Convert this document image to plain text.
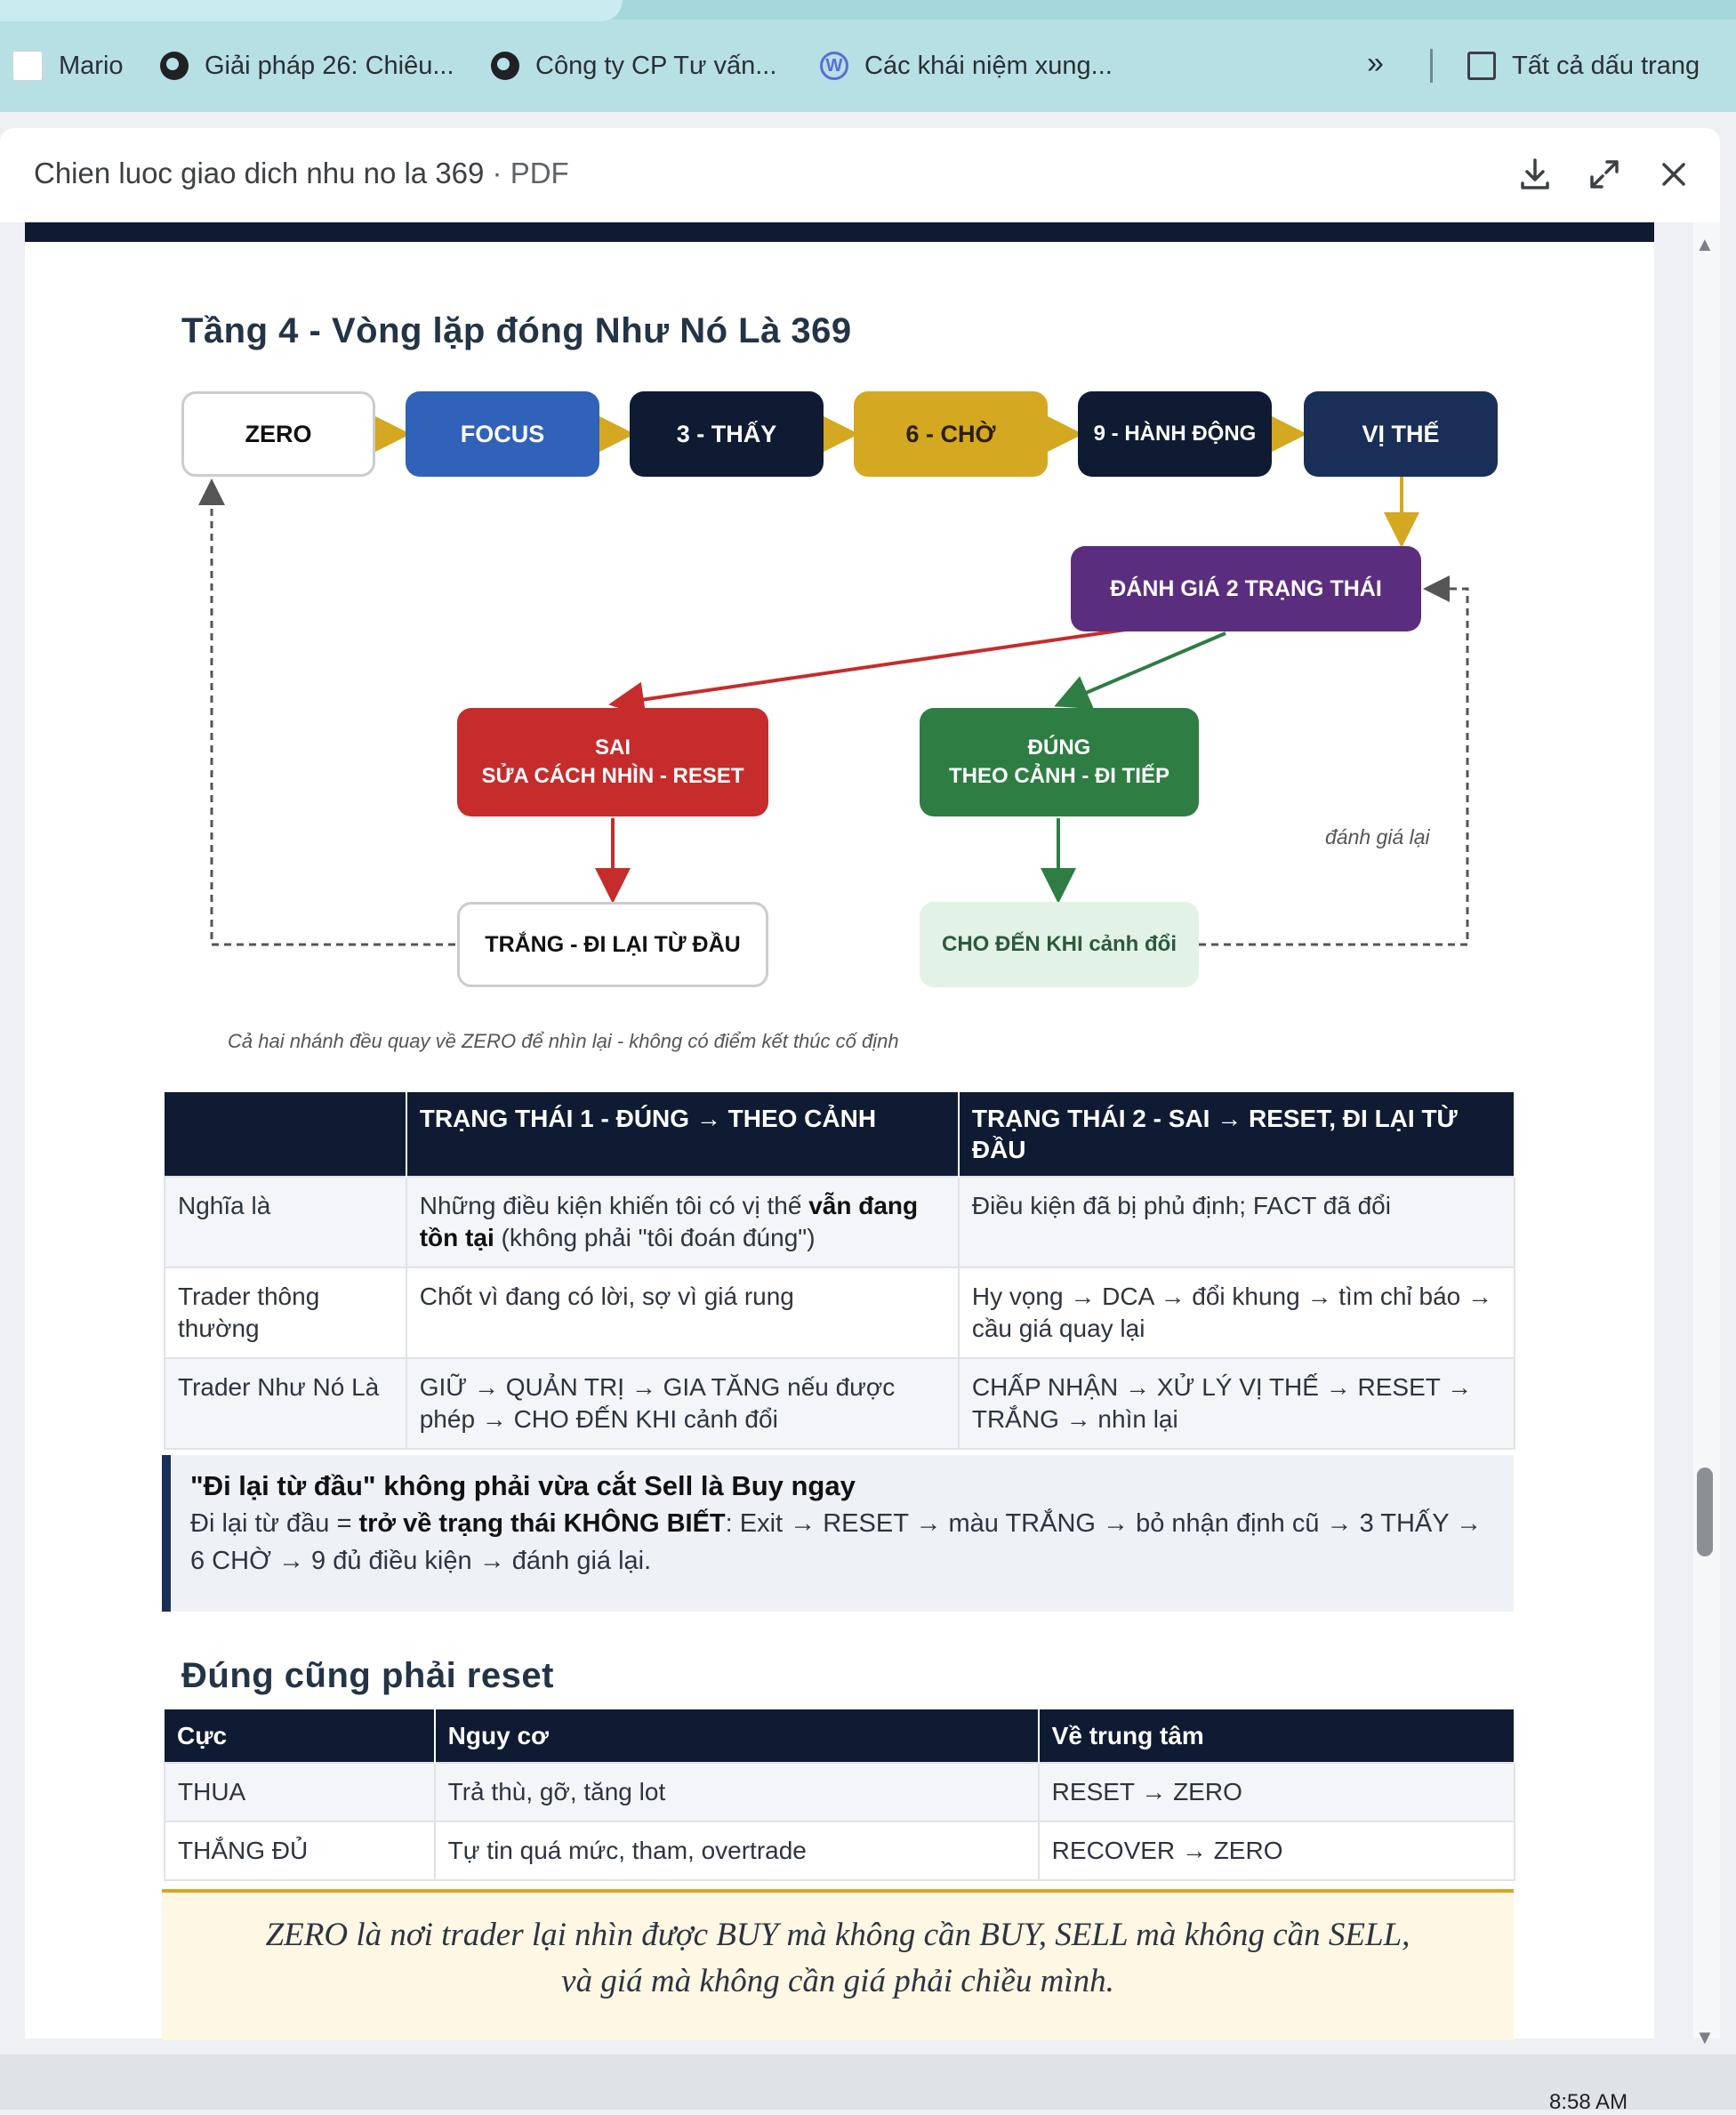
Mario	Giải pháp 26: Chiêu...	Công ty CP Tư vấn...	W Các khái niệm xung...	»	Tất cả dấu trang
Chien luoc giao dich nhu no la 369 · PDF
▲
▼
Tầng 4 - Vòng lặp đóng Như Nó Là 369
ZERO	FOCUS	3 - THẤY	6 - CHỜ	9 - HÀNH ĐỘNG	VỊ THẾ
ĐÁNH GIÁ 2 TRẠNG THÁI
SAI
SỬA CÁCH NHÌN - RESET
ĐÚNG
THEO CẢNH - ĐI TIẾP
TRẮNG - ĐI LẠI TỪ ĐẦU	CHO ĐẾN KHI cảnh đổi
đánh giá lại
Cả hai nhánh đều quay về ZERO để nhìn lại - không có điểm kết thúc cố định
	TRẠNG THÁI 1 - ĐÚNG → THEO CẢNH	TRẠNG THÁI 2 - SAI → RESET, ĐI LẠI TỪ ĐẦU
Nghĩa là	Những điều kiện khiến tôi có vị thế vẫn đang tồn tại (không phải "tôi đoán đúng")	Điều kiện đã bị phủ định; FACT đã đổi
Trader thông thường	Chốt vì đang có lời, sợ vì giá rung	Hy vọng → DCA → đổi khung → tìm chỉ báo → cầu giá quay lại
Trader Như Nó Là	GIỮ → QUẢN TRỊ → GIA TĂNG nếu được phép → CHO ĐẾN KHI cảnh đổi	CHẤP NHẬN → XỬ LÝ VỊ THẾ → RESET → TRẮNG → nhìn lại
"Đi lại từ đầu" không phải vừa cắt Sell là Buy ngay
Đi lại từ đầu = trở về trạng thái KHÔNG BIẾT: Exit → RESET → màu TRẮNG → bỏ nhận định cũ → 3 THẤY → 6 CHỜ → 9 đủ điều kiện → đánh giá lại.
Đúng cũng phải reset
Cực	Nguy cơ	Về trung tâm
THUA	Trả thù, gỡ, tăng lot	RESET → ZERO
THẮNG ĐỦ	Tự tin quá mức, tham, overtrade	RECOVER → ZERO
ZERO là nơi trader lại nhìn được BUY mà không cần BUY, SELL mà không cần SELL,
và giá mà không cần giá phải chiều mình.
8:58 AM
